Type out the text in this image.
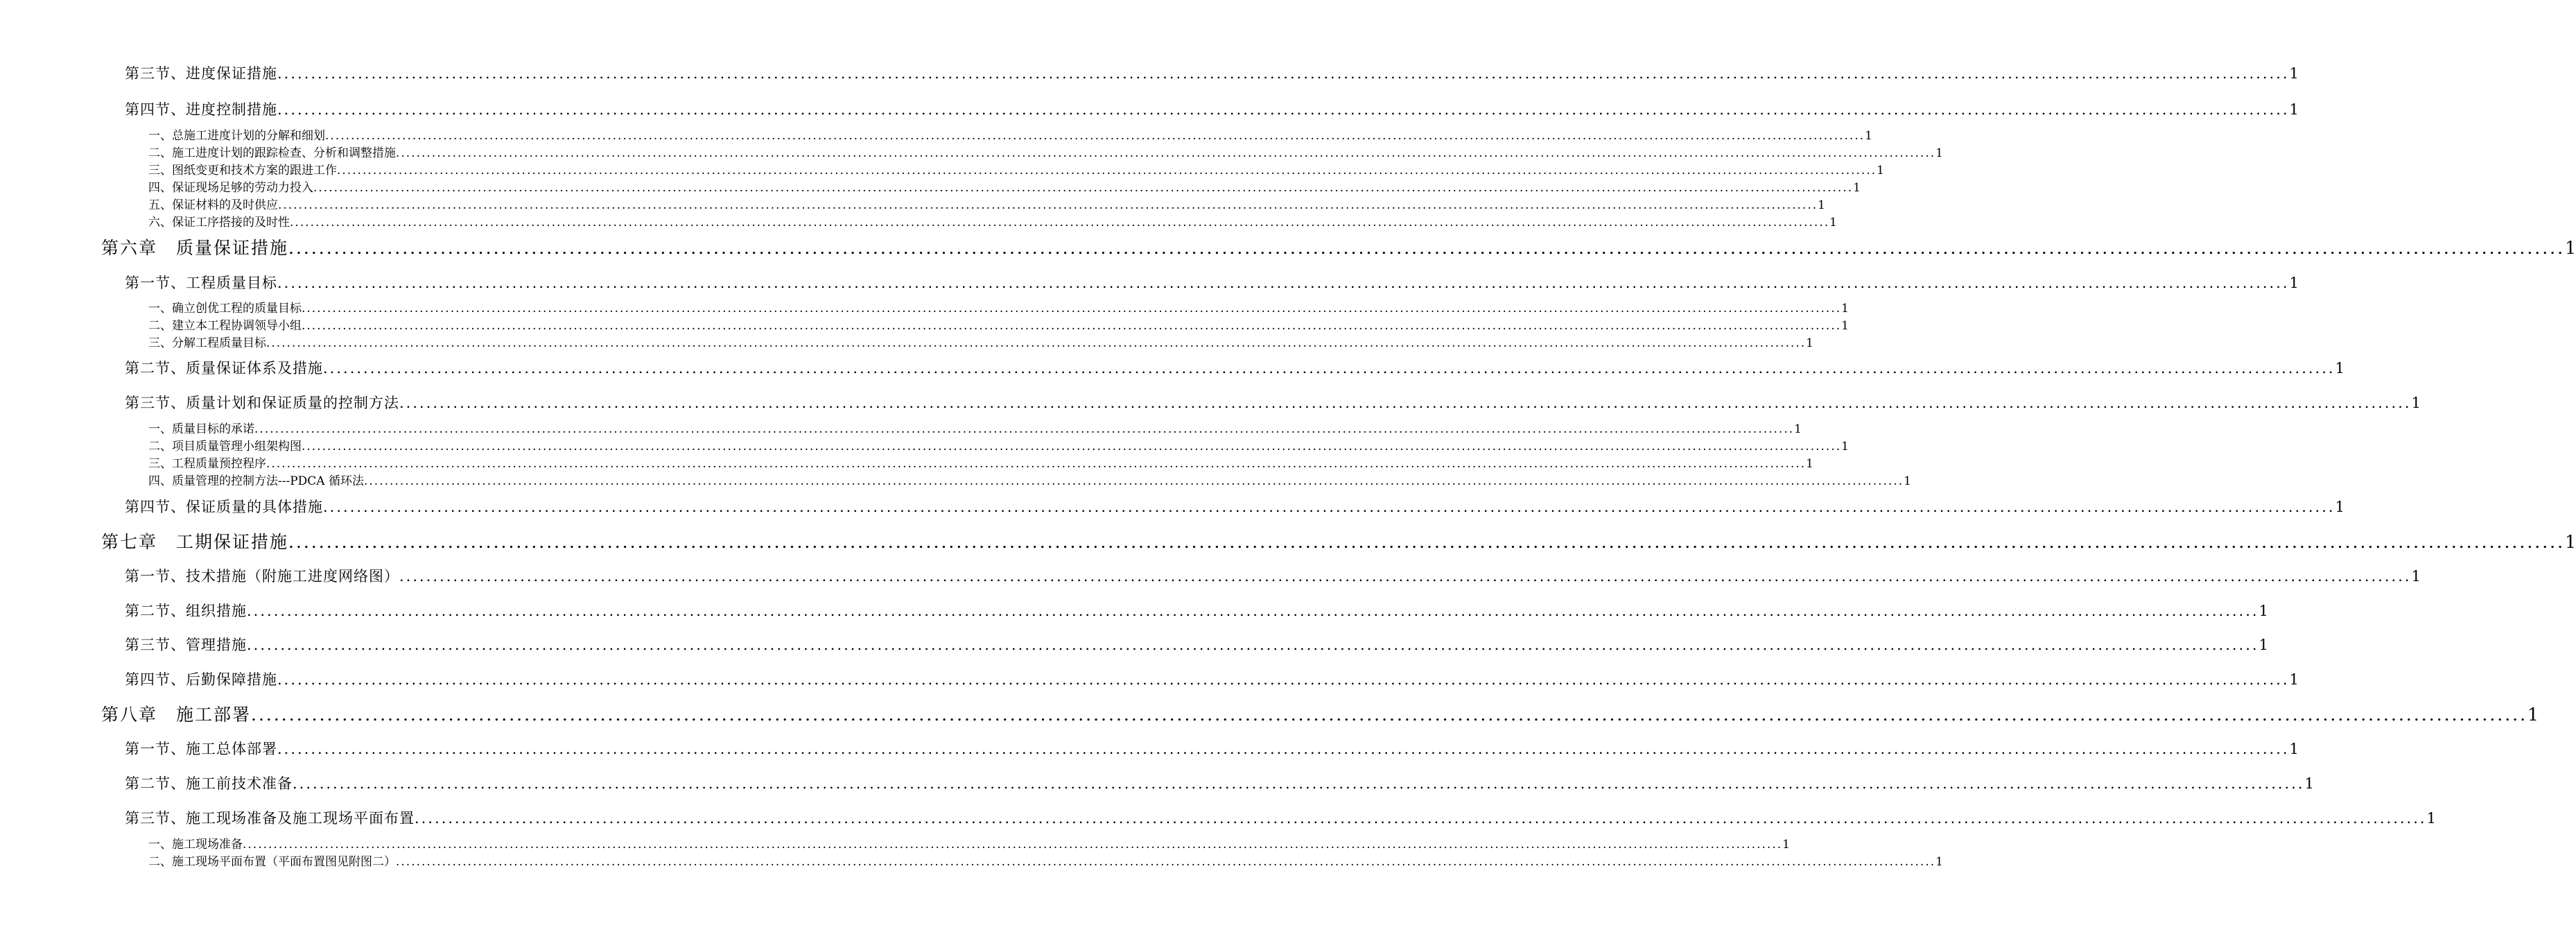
第三节、进度保证措施 ............................................................................................................................................................................................................................................................................................................ 1
第四节、进度控制措施 ............................................................................................................................................................................................................................................................................................................ 1
一、总施工进度计划的分解和细划 ............................................................................................................................................................................................................................................................................................................ 1
二、施工进度计划的跟踪检查、分析和调整措施 ............................................................................................................................................................................................................................................................................................................ 1
三、图纸变更和技术方案的跟进工作 ............................................................................................................................................................................................................................................................................................................ 1
四、保证现场足够的劳动力投入 ............................................................................................................................................................................................................................................................................................................ 1
五、保证材料的及时供应 ............................................................................................................................................................................................................................................................................................................ 1
六、保证工序搭接的及时性 ............................................................................................................................................................................................................................................................................................................ 1
第六章　质量保证措施 ............................................................................................................................................................................................................................................................................................................ 1
第一节、工程质量目标 ............................................................................................................................................................................................................................................................................................................ 1
一、确立创优工程的质量目标 ............................................................................................................................................................................................................................................................................................................ 1
二、建立本工程协调领导小组 ............................................................................................................................................................................................................................................................................................................ 1
三、分解工程质量目标 ............................................................................................................................................................................................................................................................................................................ 1
第二节、质量保证体系及措施 ............................................................................................................................................................................................................................................................................................................ 1
第三节、质量计划和保证质量的控制方法 ............................................................................................................................................................................................................................................................................................................ 1
一、质量目标的承诺 ............................................................................................................................................................................................................................................................................................................ 1
二、项目质量管理小组架构图 ............................................................................................................................................................................................................................................................................................................ 1
三、工程质量预控程序 ............................................................................................................................................................................................................................................................................................................ 1
四、质量管理的控制方法---PDCA 循环法 ............................................................................................................................................................................................................................................................................................................ 1
第四节、保证质量的具体措施 ............................................................................................................................................................................................................................................................................................................ 1
第七章　工期保证措施 ............................................................................................................................................................................................................................................................................................................ 1
第一节、技术措施（附施工进度网络图） ............................................................................................................................................................................................................................................................................................................ 1
第二节、组织措施 ............................................................................................................................................................................................................................................................................................................ 1
第三节、管理措施 ............................................................................................................................................................................................................................................................................................................ 1
第四节、后勤保障措施 ............................................................................................................................................................................................................................................................................................................ 1
第八章　施工部署 ............................................................................................................................................................................................................................................................................................................ 1
第一节、施工总体部署 ............................................................................................................................................................................................................................................................................................................ 1
第二节、施工前技术准备 ............................................................................................................................................................................................................................................................................................................ 1
第三节、施工现场准备及施工现场平面布置 ............................................................................................................................................................................................................................................................................................................ 1
一、施工现场准备 ............................................................................................................................................................................................................................................................................................................ 1
二、施工现场平面布置（平面布置图见附图二） ............................................................................................................................................................................................................................................................................................................ 1
